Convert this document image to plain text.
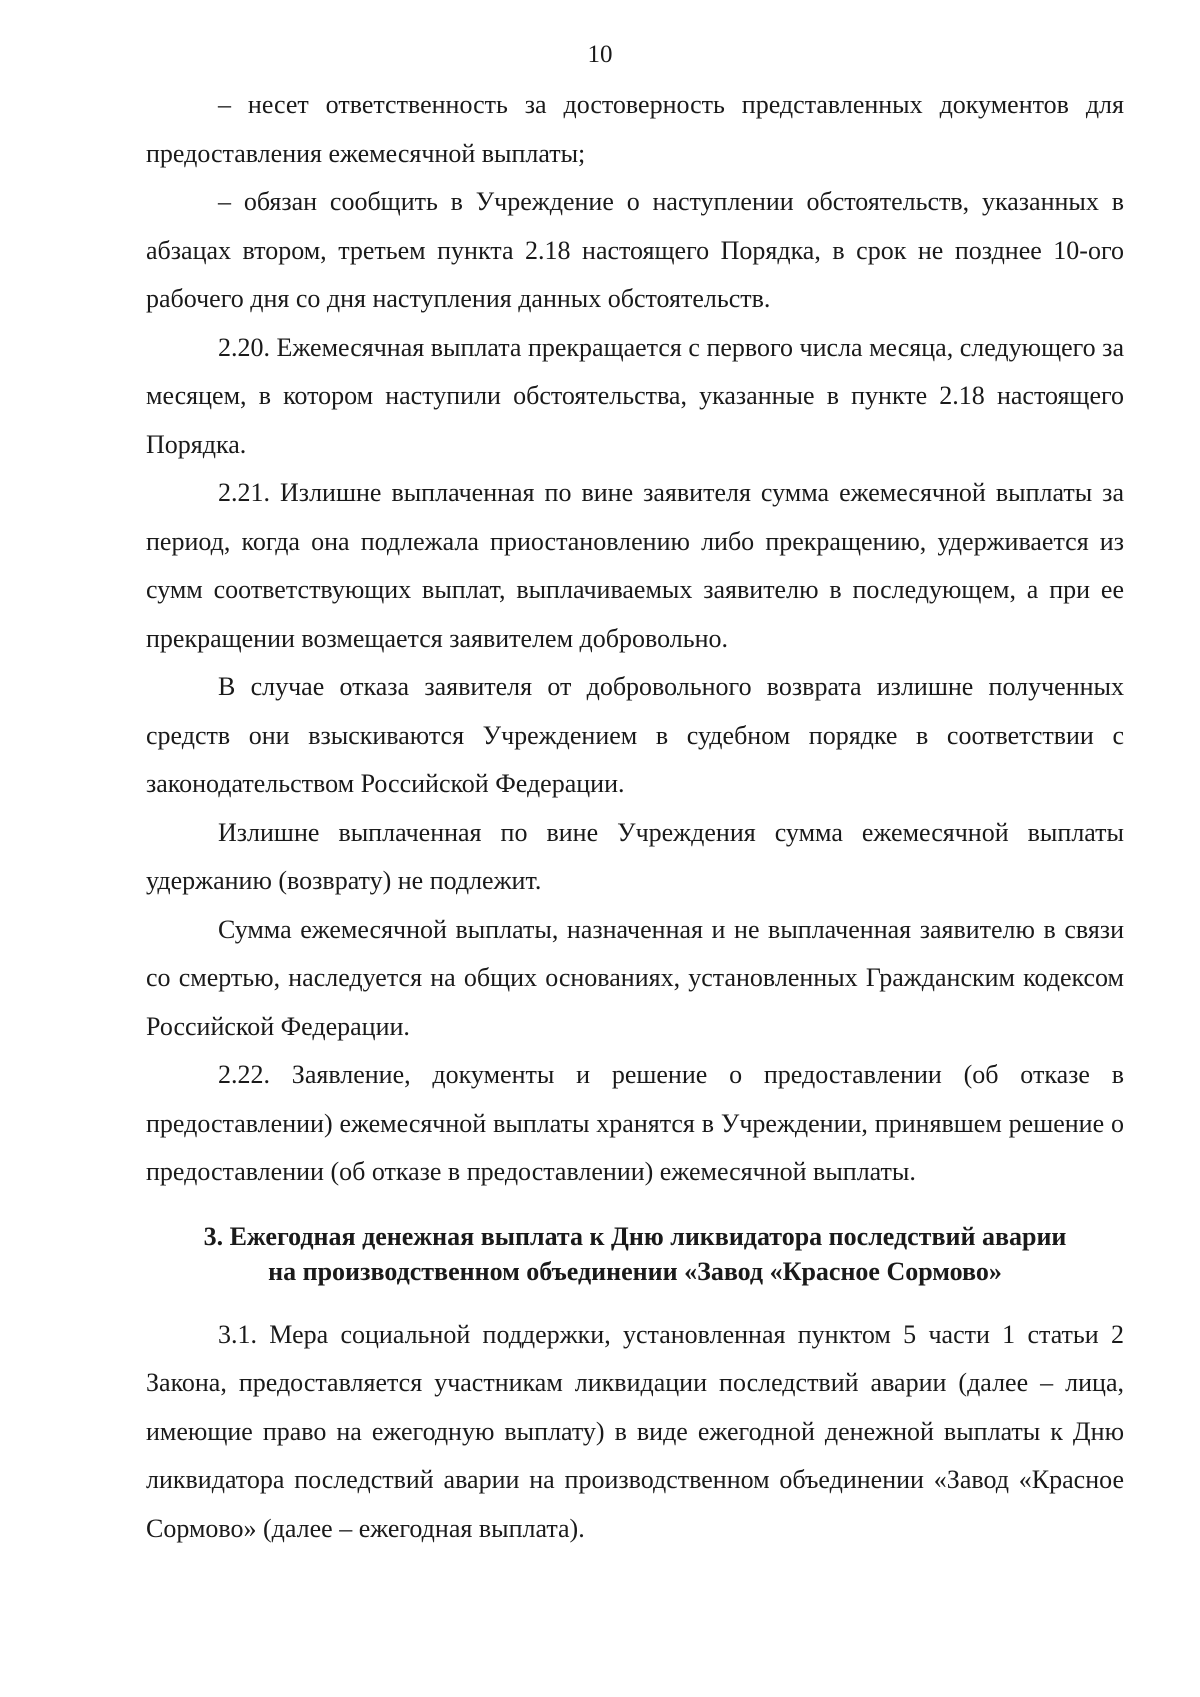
10

– несет ответственность за достоверность представленных документов для предоставления ежемесячной выплаты;

– обязан сообщить в Учреждение о наступлении обстоятельств, указанных в абзацах втором, третьем пункта 2.18 настоящего Порядка, в срок не позднее 10-ого рабочего дня со дня наступления данных обстоятельств.

2.20. Ежемесячная выплата прекращается с первого числа месяца, следующего за месяцем, в котором наступили обстоятельства, указанные в пункте 2.18 настоящего Порядка.

2.21. Излишне выплаченная по вине заявителя сумма ежемесячной выплаты за период, когда она подлежала приостановлению либо прекращению, удерживается из сумм соответствующих выплат, выплачиваемых заявителю в последующем, а при ее прекращении возмещается заявителем добровольно.

В случае отказа заявителя от добровольного возврата излишне полученных средств они взыскиваются Учреждением в судебном порядке в соответствии с законодательством Российской Федерации.

Излишне выплаченная по вине Учреждения сумма ежемесячной выплаты удержанию (возврату) не подлежит.

Сумма ежемесячной выплаты, назначенная и не выплаченная заявителю в связи со смертью, наследуется на общих основаниях, установленных Гражданским кодексом Российской Федерации.

2.22. Заявление, документы и решение о предоставлении (об отказе в предоставлении) ежемесячной выплаты хранятся в Учреждении, принявшем решение о предоставлении (об отказе в предоставлении) ежемесячной выплаты.

3. Ежегодная денежная выплата к Дню ликвидатора последствий аварии
на производственном объединении «Завод «Красное Сормово»

3.1. Мера социальной поддержки, установленная пунктом 5 части 1 статьи 2 Закона, предоставляется участникам ликвидации последствий аварии (далее – лица, имеющие право на ежегодную выплату) в виде ежегодной денежной выплаты к Дню ликвидатора последствий аварии на производственном объединении «Завод «Красное Сормово» (далее – ежегодная выплата).
